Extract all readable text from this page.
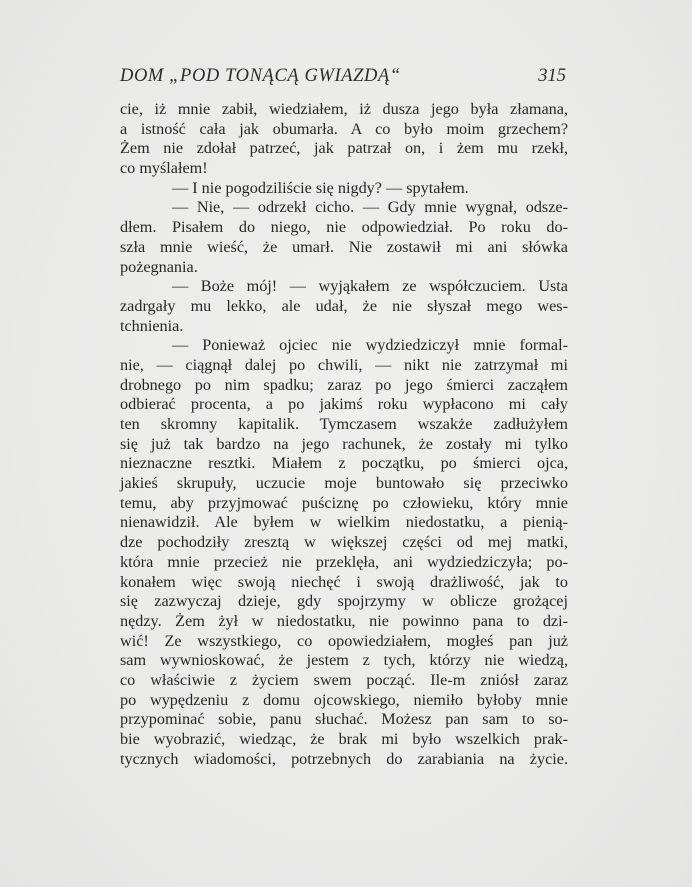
DOM „POD TONĄCĄ GWIAZDĄ“	315
cie, iż mnie zabił, wiedziałem, iż dusza jego była złamana,
a istność cała jak obumarła. A co było moim grzechem?
Żem nie zdołał patrzeć, jak patrzał on, i żem mu rzekł,
co myślałem!
— I nie pogodziliście się nigdy? — spytałem.
— Nie, — odrzekł cicho. — Gdy mnie wygnał, odsze-
dłem. Pisałem do niego, nie odpowiedział. Po roku do-
szła mnie wieść, że umarł. Nie zostawił mi ani słówka
pożegnania.
— Boże mój! — wyjąkałem ze współczuciem. Usta
zadrgały mu lekko, ale udał, że nie słyszał mego wes-
tchnienia.
— Ponieważ ojciec nie wydziedziczył mnie formal-
nie, — ciągnął dalej po chwili, — nikt nie zatrzymał mi
drobnego po nim spadku; zaraz po jego śmierci zacząłem
odbierać procenta, a po jakimś roku wypłacono mi cały
ten skromny kapitalik. Tymczasem wszakże zadłużyłem
się już tak bardzo na jego rachunek, że zostały mi tylko
nieznaczne resztki. Miałem z początku, po śmierci ojca,
jakieś skrupuły, uczucie moje buntowało się przeciwko
temu, aby przyjmować puściznę po człowieku, który mnie
nienawidził. Ale byłem w wielkim niedostatku, a pienią-
dze pochodziły zresztą w większej części od mej matki,
która mnie przecież nie przeklęła, ani wydziedziczyła; po-
konałem więc swoją niechęć i swoją drażliwość, jak to
się zazwyczaj dzieje, gdy spojrzymy w oblicze grożącej
nędzy. Żem żył w niedostatku, nie powinno pana to dzi-
wić! Ze wszystkiego, co opowiedziałem, mogłeś pan już
sam wywnioskować, że jestem z tych, którzy nie wiedzą,
co właściwie z życiem swem począć. Ile-m zniósł zaraz
po wypędzeniu z domu ojcowskiego, niemiło byłoby mnie
przypominać sobie, panu słuchać. Możesz pan sam to so-
bie wyobrazić, wiedząc, że brak mi było wszelkich prak-
tycznych wiadomości, potrzebnych do zarabiania na życie.
